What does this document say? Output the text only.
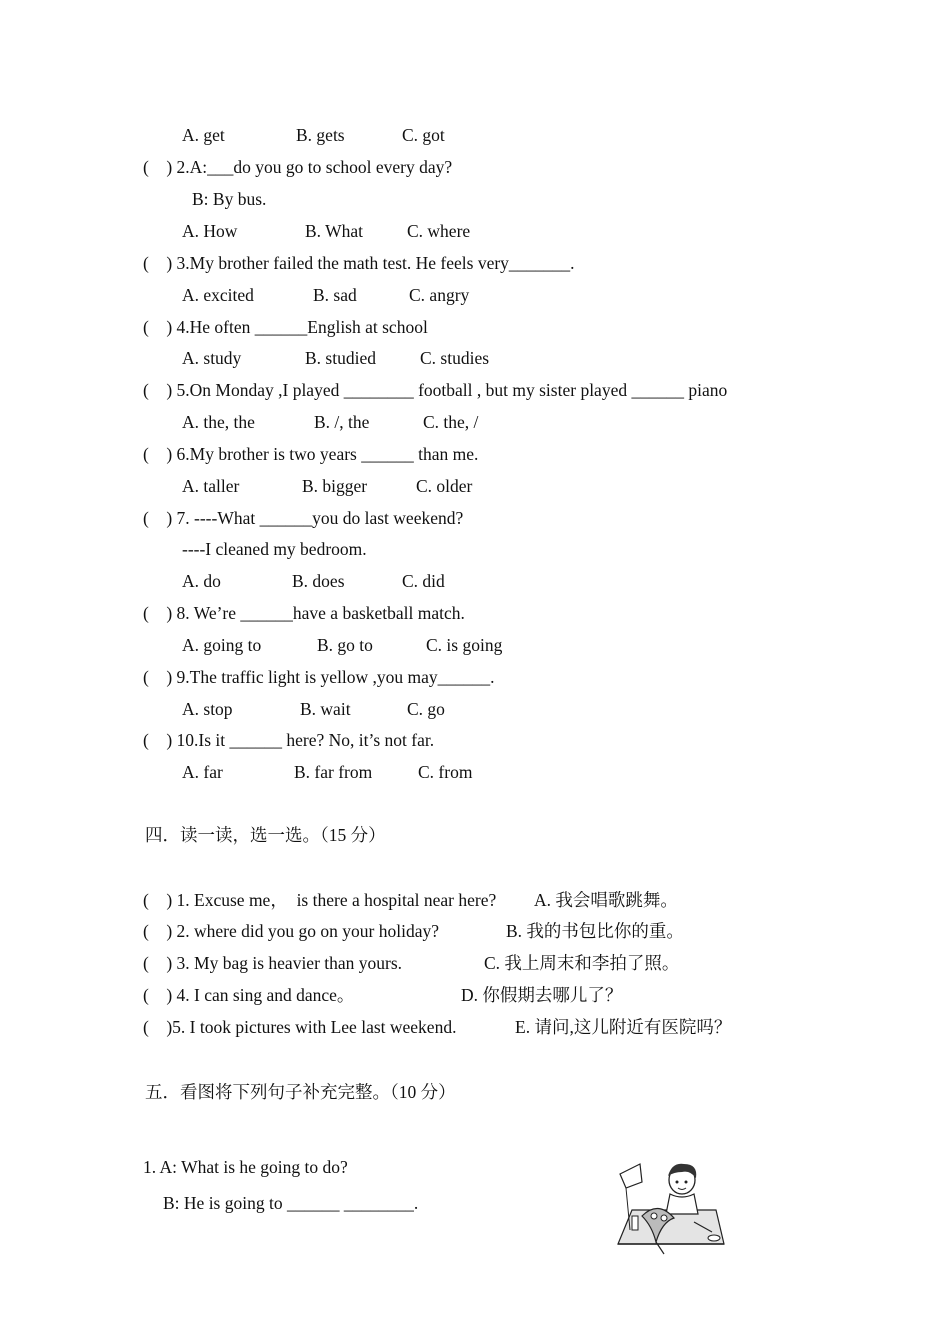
A. get	B. gets	C. got
(    ) 2.A:___do you go to school every day?
B: By bus.
A. How	B. What	C. where
(    ) 3.My brother failed the math test. He feels very_______.
A. excited	B. sad	C. angry
(    ) 4.He often ______English at school
A. study	B. studied	C. studies
(    ) 5.On Monday ,I played ________ football , but my sister played ______ piano
A. the, the	B. /, the	C. the, /
(    ) 6.My brother is two years ______ than me.
A. taller	B. bigger	C. older
(    ) 7. ----What ______you do last weekend?
----I cleaned my bedroom.
A. do	B. does	C. did
(    ) 8. We’re ______have a basketball match.
A. going to	B. go to	C. is going
(    ) 9.The traffic light is yellow ,you may______.
A. stop	B. wait	C. go
(    ) 10.Is it ______ here? No, it’s not far.
A. far	B. far from	C. from
四．读一读，选一选。（15 分）
(    ) 1. Excuse me，  is there a hospital near here? A. 我会唱歌跳舞。
(    ) 2. where did you go on your holiday?	B. 我的书包比你的重。
(    ) 3. My bag is heavier than yours.	C. 我上周末和李拍了照。
(    ) 4. I can sing and dance。	D. 你假期去哪儿了？
(    )5. I took pictures with Lee last weekend.	E. 请问,这儿附近有医院吗？
五．看图将下列句子补充完整。（10 分）
1. A: What is he going to do?
B: He is going to ______ ________.
